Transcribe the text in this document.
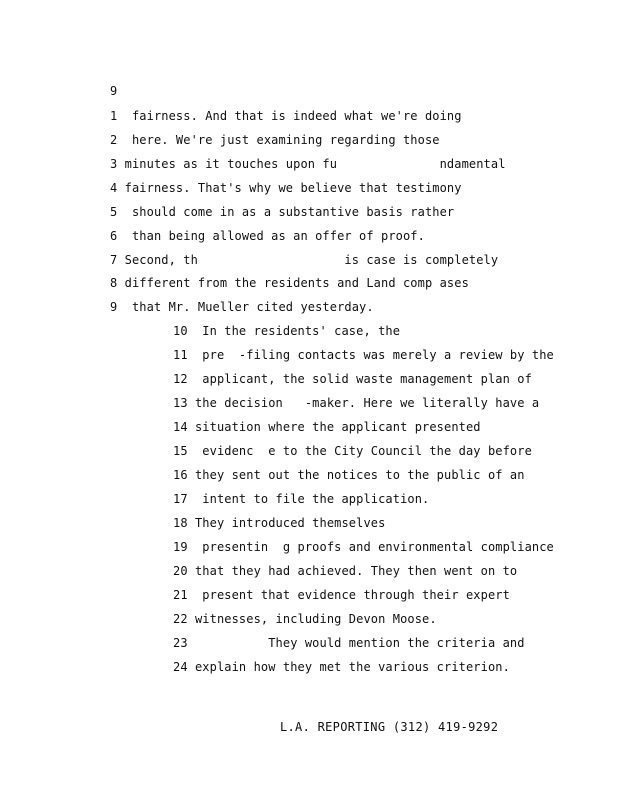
9
1  fairness. And that is indeed what we're doing
2  here. We're just examining regarding those
3 minutes as it touches upon fu              ndamental
4 fairness. That's why we believe that testimony
5  should come in as a substantive basis rather
6  than being allowed as an offer of proof.
7 Second, th                    is case is completely
8 different from the residents and Land comp ases
9  that Mr. Mueller cited yesterday.
10  In the residents' case, the
11  pre  -filing contacts was merely a review by the
12  applicant, the solid waste management plan of
13 the decision   -maker. Here we literally have a
14 situation where the applicant presented
15  evidenc  e to the City Council the day before
16 they sent out the notices to the public of an
17  intent to file the application.
18 They introduced themselves
19  presentin  g proofs and environmental compliance
20 that they had achieved. They then went on to
21  present that evidence through their expert
22 witnesses, including Devon Moose.
23           They would mention the criteria and
24 explain how they met the various criterion.
L.A. REPORTING (312) 419-9292
